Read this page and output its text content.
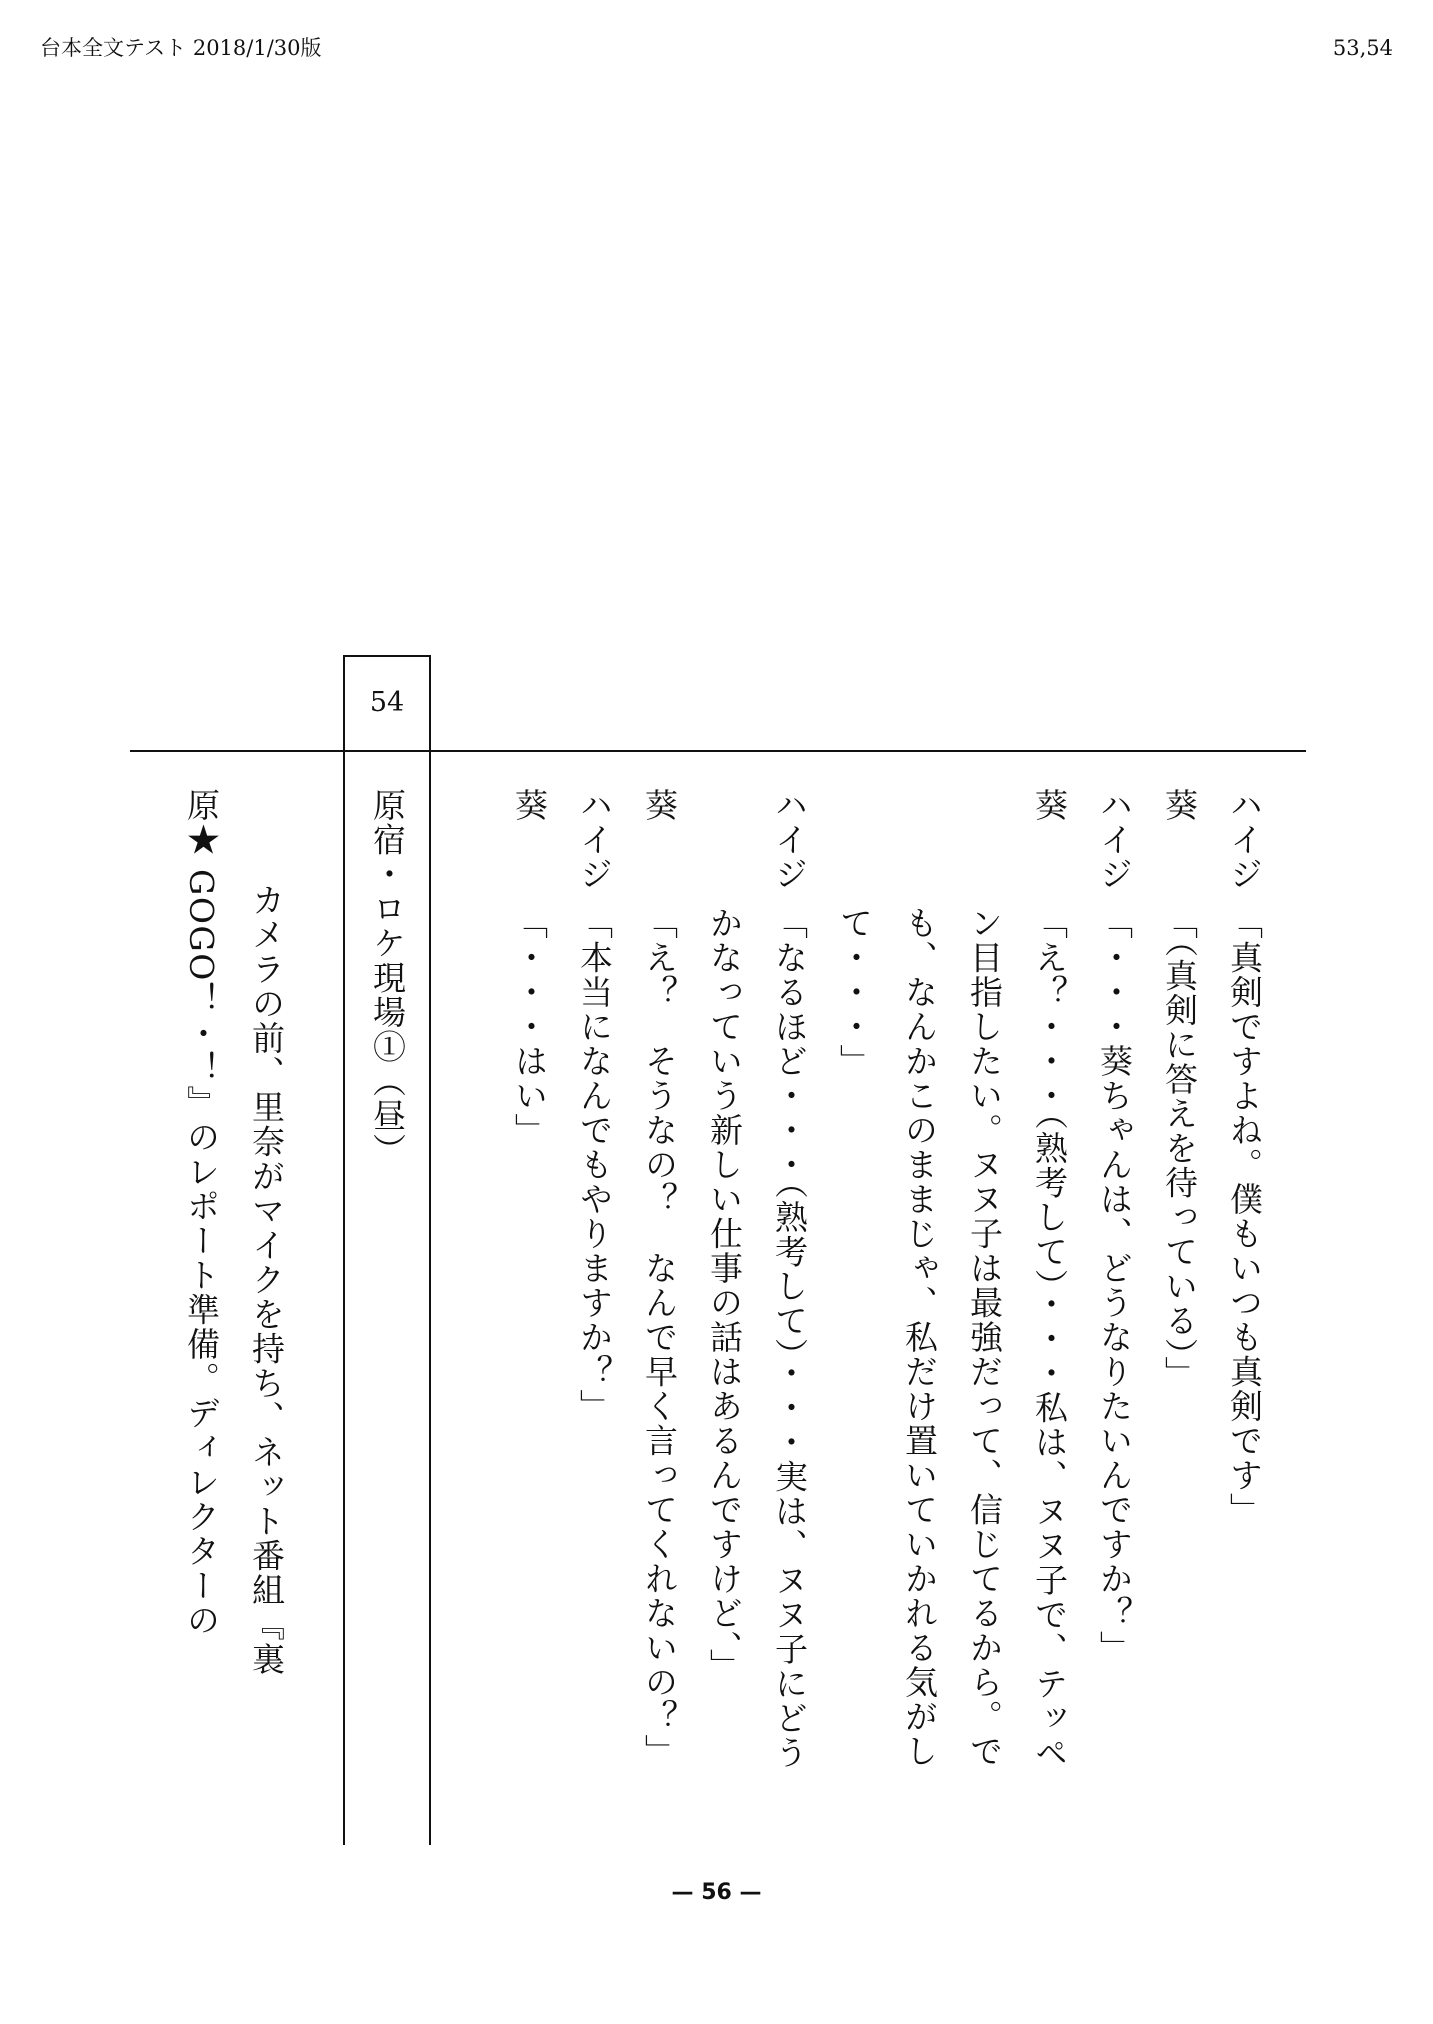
台本全文テスト 2018/1/30版	53,54
54
ハイジ「真剣ですよね。僕もいつも真剣です」
葵「（真剣に答えを待っている）」
ハイジ「・・・葵ちゃんは、どうなりたいんですか？」
葵「え？・・・（熟考して）・・・私は、ヌヌ子で、テッペ
ン目指したい。ヌヌ子は最強だって、信じてるから。で
も、なんかこのままじゃ、私だけ置いていかれる気がし
て・・・」
ハイジ「なるほど・・・（熟考して）・・・実は、ヌヌ子にどう
かなっていう新しい仕事の話はあるんですけど、」
葵「え？　そうなの？　なんで早く言ってくれないの？」
ハイジ「本当になんでもやりますか？」
葵「・・・はい」
原宿・ロケ現場①（昼）
カメラの前、里奈がマイクを持ち、ネット番組『裏
原★ GOGO！・！』のレポート準備。ディレクターの
— 56 —
